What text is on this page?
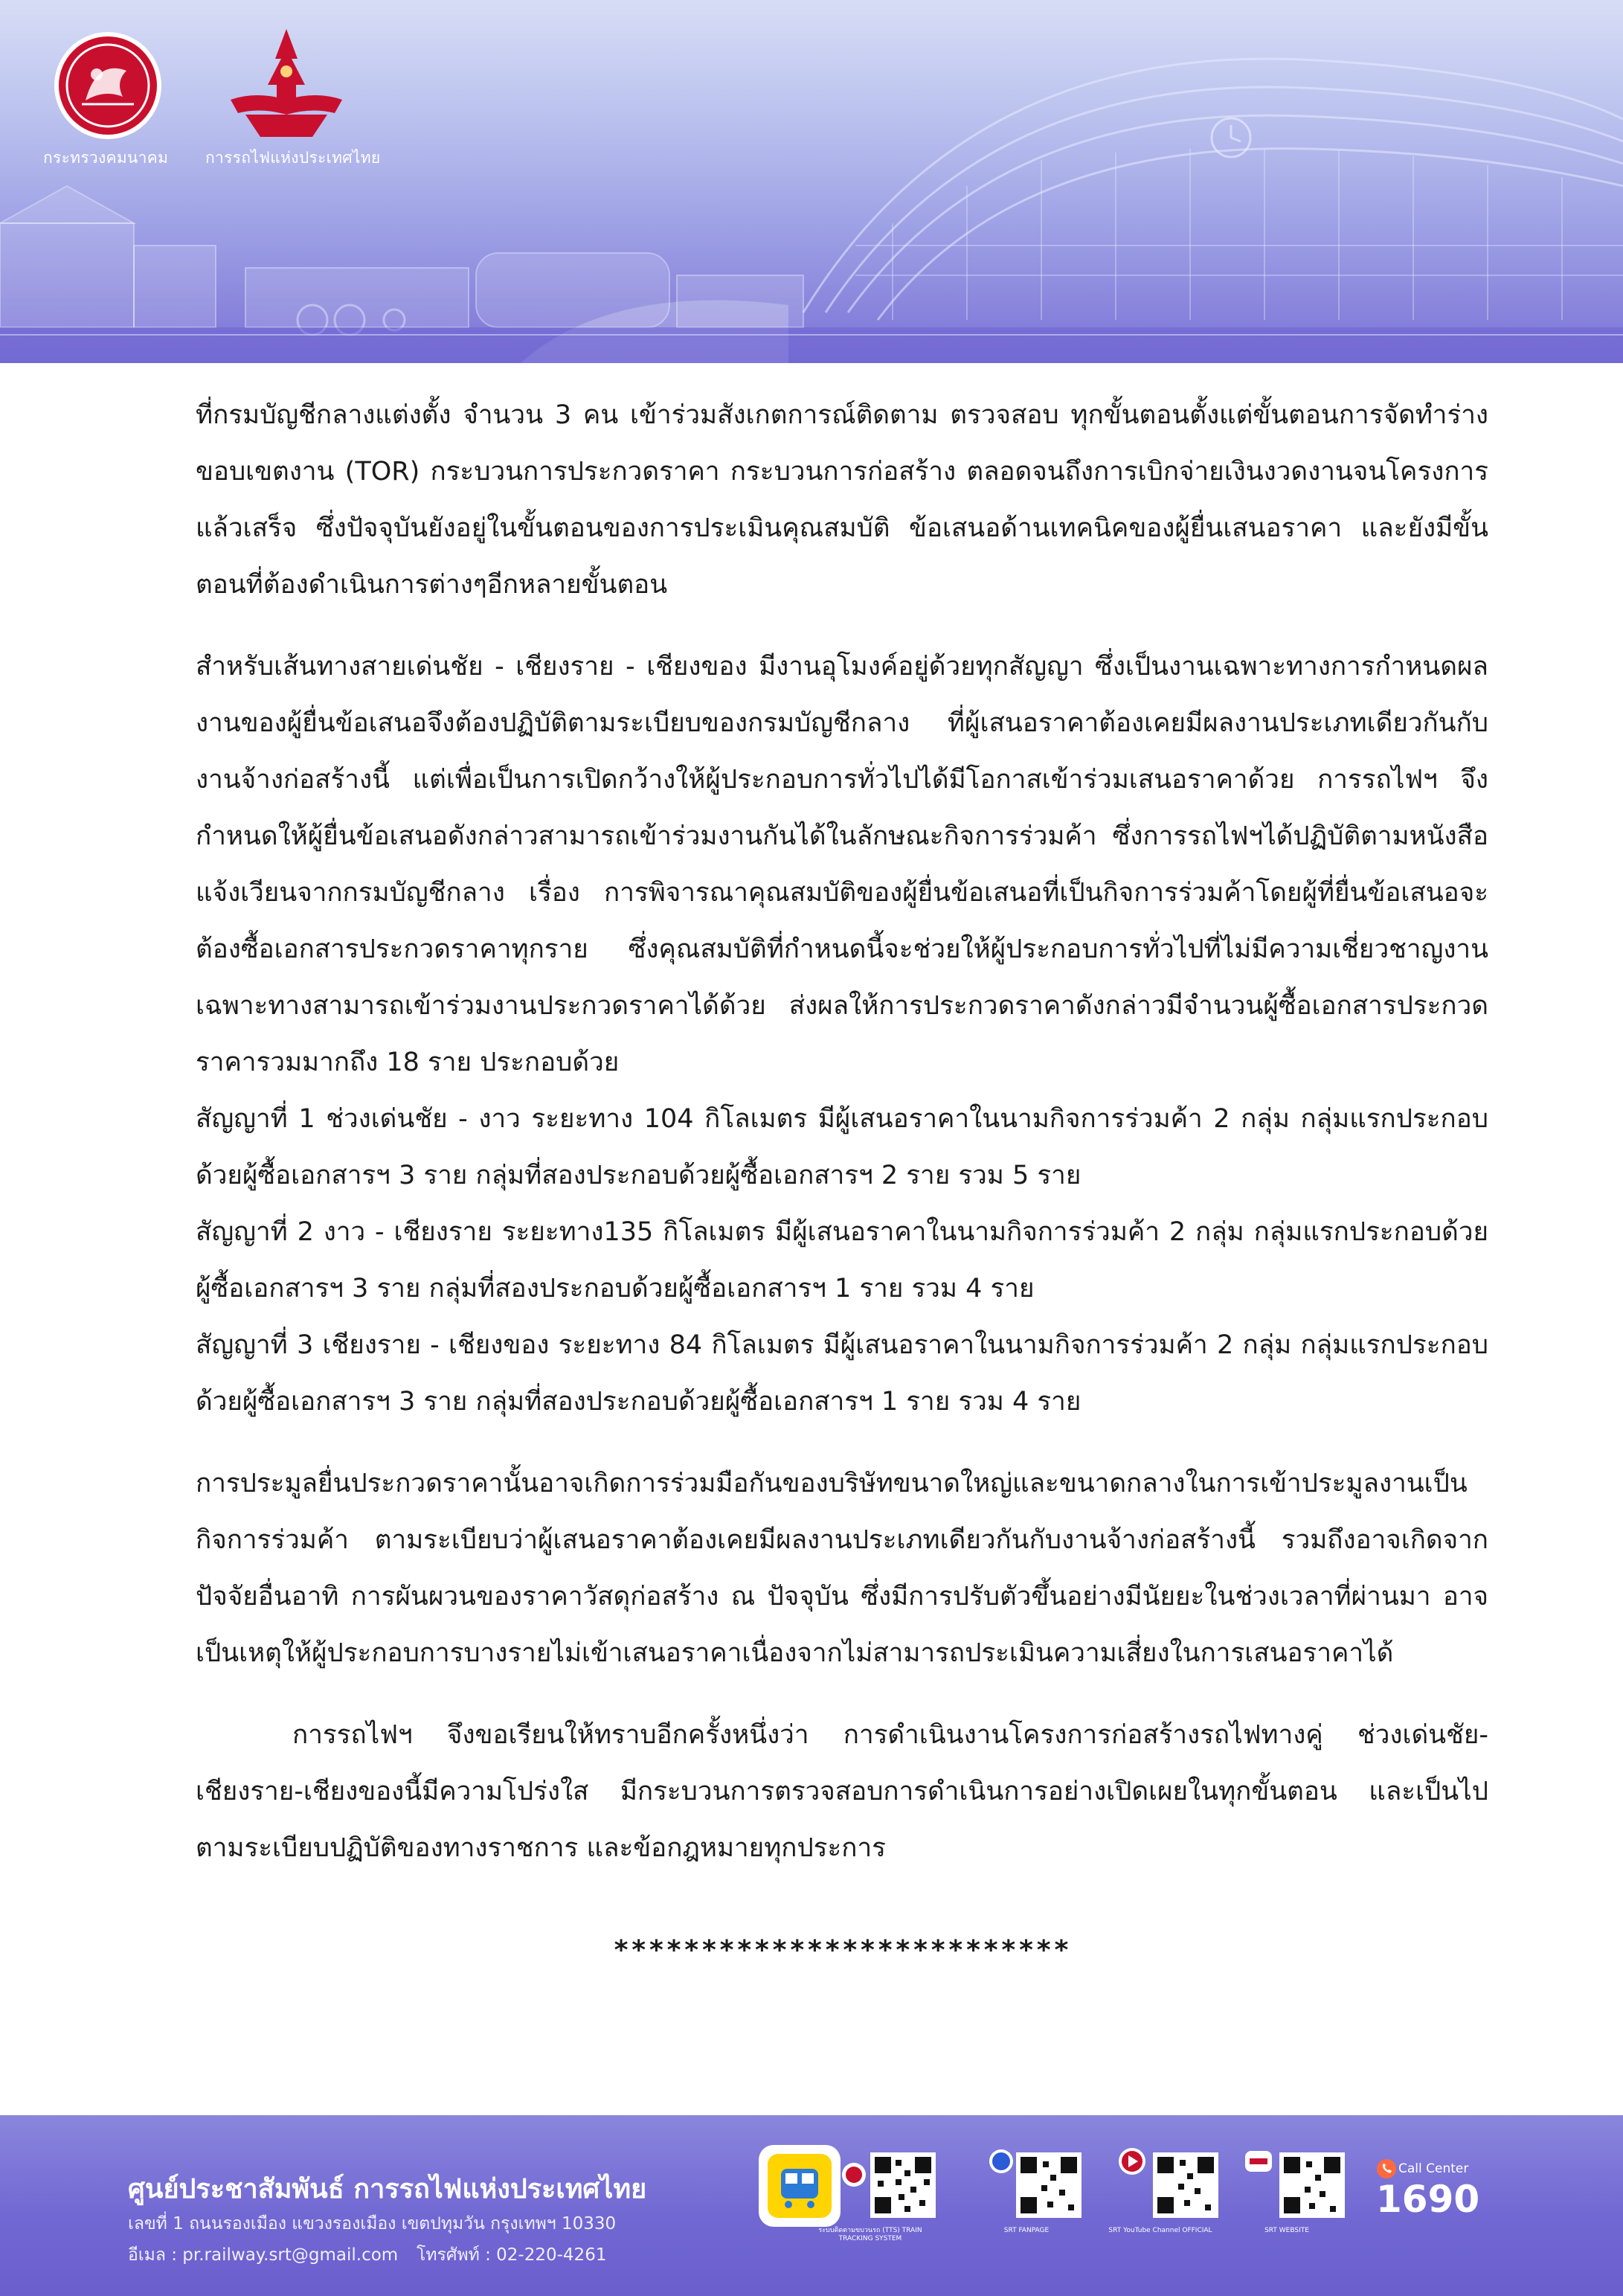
กระทรวงคมนาคม การรถไฟแห่งประเทศไทย

ที่กรมบัญชีกลางแต่งตั้ง จำนวน 3 คน เข้าร่วมสังเกตการณ์ติดตาม ตรวจสอบ ทุกขั้นตอนตั้งแต่ขั้นตอนการจัดทำร่างขอบเขตงาน (TOR) กระบวนการประกวดราคา กระบวนการก่อสร้าง ตลอดจนถึงการเบิกจ่ายเงินงวดงานจนโครงการแล้วเสร็จ ซึ่งปัจจุบันยังอยู่ในขั้นตอนของการประเมินคุณสมบัติ ข้อเสนอด้านเทคนิคของผู้ยื่นเสนอราคา และยังมีขั้นตอนที่ต้องดำเนินการต่างๆอีกหลายขั้นตอน

สำหรับเส้นทางสายเด่นชัย - เชียงราย - เชียงของ มีงานอุโมงค์อยู่ด้วยทุกสัญญา ซึ่งเป็นงานเฉพาะทางการกำหนดผลงานของผู้ยื่นข้อเสนอจึงต้องปฏิบัติตามระเบียบของกรมบัญชีกลาง ที่ผู้เสนอราคาต้องเคยมีผลงานประเภทเดียวกันกับงานจ้างก่อสร้างนี้ แต่เพื่อเป็นการเปิดกว้างให้ผู้ประกอบการทั่วไปได้มีโอกาสเข้าร่วมเสนอราคาด้วย การรถไฟฯ จึงกำหนดให้ผู้ยื่นข้อเสนอดังกล่าวสามารถเข้าร่วมงานกันได้ในลักษณะกิจการร่วมค้า ซึ่งการรถไฟฯได้ปฏิบัติตามหนังสือแจ้งเวียนจากกรมบัญชีกลาง เรื่อง การพิจารณาคุณสมบัติของผู้ยื่นข้อเสนอที่เป็นกิจการร่วมค้าโดยผู้ที่ยื่นข้อเสนอจะต้องซื้อเอกสารประกวดราคาทุกราย ซึ่งคุณสมบัติที่กำหนดนี้จะช่วยให้ผู้ประกอบการทั่วไปที่ไม่มีความเชี่ยวชาญงานเฉพาะทางสามารถเข้าร่วมงานประกวดราคาได้ด้วย ส่งผลให้การประกวดราคาดังกล่าวมีจำนวนผู้ซื้อเอกสารประกวดราคารวมมากถึง 18 ราย ประกอบด้วย

สัญญาที่ 1 ช่วงเด่นชัย - งาว ระยะทาง 104 กิโลเมตร มีผู้เสนอราคาในนามกิจการร่วมค้า 2 กลุ่ม กลุ่มแรกประกอบด้วยผู้ซื้อเอกสารฯ 3 ราย กลุ่มที่สองประกอบด้วยผู้ซื้อเอกสารฯ 2 ราย รวม 5 ราย

สัญญาที่ 2 งาว - เชียงราย ระยะทาง135 กิโลเมตร มีผู้เสนอราคาในนามกิจการร่วมค้า 2 กลุ่ม กลุ่มแรกประกอบด้วยผู้ซื้อเอกสารฯ 3 ราย กลุ่มที่สองประกอบด้วยผู้ซื้อเอกสารฯ 1 ราย รวม 4 ราย

สัญญาที่ 3 เชียงราย - เชียงของ ระยะทาง 84 กิโลเมตร มีผู้เสนอราคาในนามกิจการร่วมค้า 2 กลุ่ม กลุ่มแรกประกอบด้วยผู้ซื้อเอกสารฯ 3 ราย กลุ่มที่สองประกอบด้วยผู้ซื้อเอกสารฯ 1 ราย รวม 4 ราย

การประมูลยื่นประกวดราคานั้นอาจเกิดการร่วมมือกันของบริษัทขนาดใหญ่และขนาดกลางในการเข้าประมูลงานเป็นกิจการร่วมค้า ตามระเบียบว่าผู้เสนอราคาต้องเคยมีผลงานประเภทเดียวกันกับงานจ้างก่อสร้างนี้ รวมถึงอาจเกิดจากปัจจัยอื่นอาทิ การผันผวนของราคาวัสดุก่อสร้าง ณ ปัจจุบัน ซึ่งมีการปรับตัวขึ้นอย่างมีนัยยะในช่วงเวลาที่ผ่านมา อาจเป็นเหตุให้ผู้ประกอบการบางรายไม่เข้าเสนอราคาเนื่องจากไม่สามารถประเมินความเสี่ยงในการเสนอราคาได้

การรถไฟฯ จึงขอเรียนให้ทราบอีกครั้งหนึ่งว่า การดำเนินงานโครงการก่อสร้างรถไฟทางคู่ ช่วงเด่นชัย-เชียงราย-เชียงของนี้มีความโปร่งใส มีกระบวนการตรวจสอบการดำเนินการอย่างเปิดเผยในทุกขั้นตอน และเป็นไปตามระเบียบปฏิบัติของทางราชการ และข้อกฎหมายทุกประการ

**************************
ศูนย์ประชาสัมพันธ์ การรถไฟแห่งประเทศไทย
เลขที่ 1 ถนนรองเมือง แขวงรองเมือง เขตปทุมวัน กรุงเทพฯ 10330
อีเมล : pr.railway.srt@gmail.com โทรศัพท์ : 02-220-4261
ระบบติดตามขบวนรถ (TTS) TRAIN TRACKING SYSTEM
SRT FANPAGE	SRT YouTube Channel OFFICIAL	SRT WEBSITE
Call Center
1690
